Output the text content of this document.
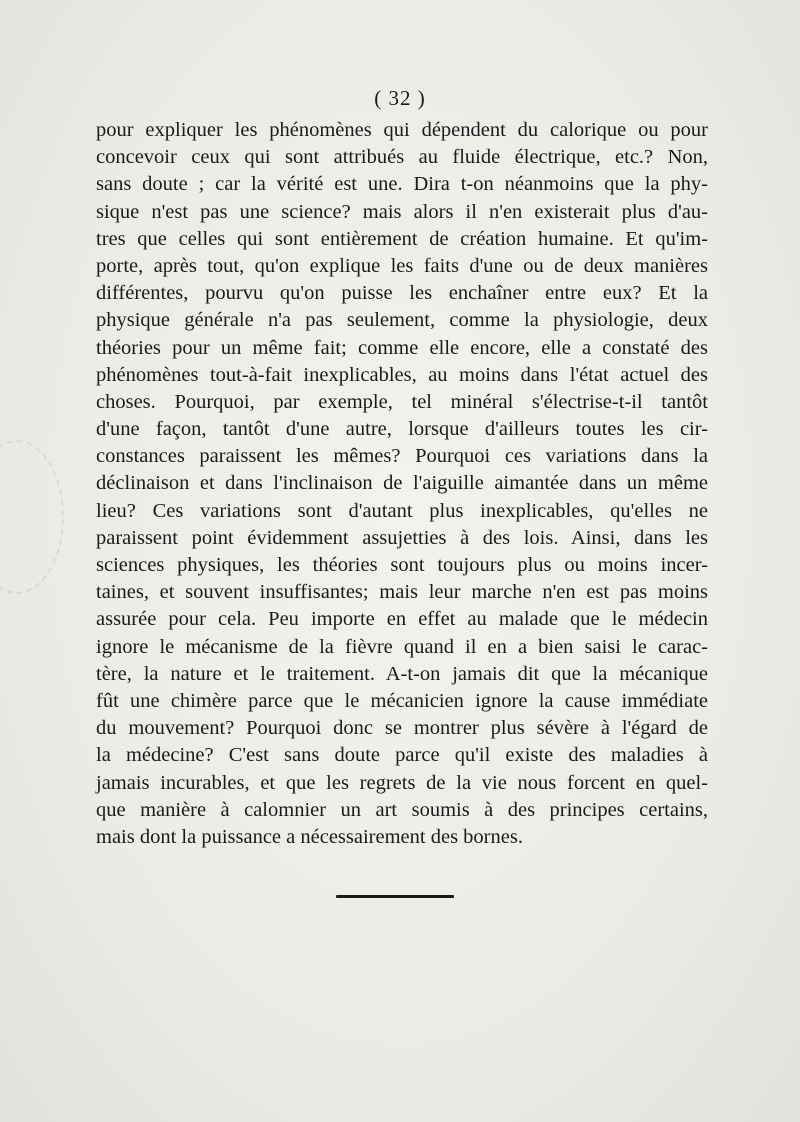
( 32 )
pour expliquer les phénomènes qui dépendent du calorique ou pour
concevoir ceux qui sont attribués au fluide électrique, etc.? Non,
sans doute ; car la vérité est une. Dira t-on néanmoins que la phy-
sique n'est pas une science? mais alors il n'en existerait plus d'au-
tres que celles qui sont entièrement de création humaine. Et qu'im-
porte, après tout, qu'on explique les faits d'une ou de deux manières
différentes, pourvu qu'on puisse les enchaîner entre eux? Et la
physique générale n'a pas seulement, comme la physiologie, deux
théories pour un même fait; comme elle encore, elle a constaté des
phénomènes tout-à-fait inexplicables, au moins dans l'état actuel des
choses. Pourquoi, par exemple, tel minéral s'électrise-t-il tantôt
d'une façon, tantôt d'une autre, lorsque d'ailleurs toutes les cir-
constances paraissent les mêmes? Pourquoi ces variations dans la
déclinaison et dans l'inclinaison de l'aiguille aimantée dans un même
lieu? Ces variations sont d'autant plus inexplicables, qu'elles ne
paraissent point évidemment assujetties à des lois. Ainsi, dans les
sciences physiques, les théories sont toujours plus ou moins incer-
taines, et souvent insuffisantes; mais leur marche n'en est pas moins
assurée pour cela. Peu importe en effet au malade que le médecin
ignore le mécanisme de la fièvre quand il en a bien saisi le carac-
tère, la nature et le traitement. A-t-on jamais dit que la mécanique
fût une chimère parce que le mécanicien ignore la cause immédiate
du mouvement? Pourquoi donc se montrer plus sévère à l'égard de
la médecine? C'est sans doute parce qu'il existe des maladies à
jamais incurables, et que les regrets de la vie nous forcent en quel-
que manière à calomnier un art soumis à des principes certains,
mais dont la puissance a nécessairement des bornes.
